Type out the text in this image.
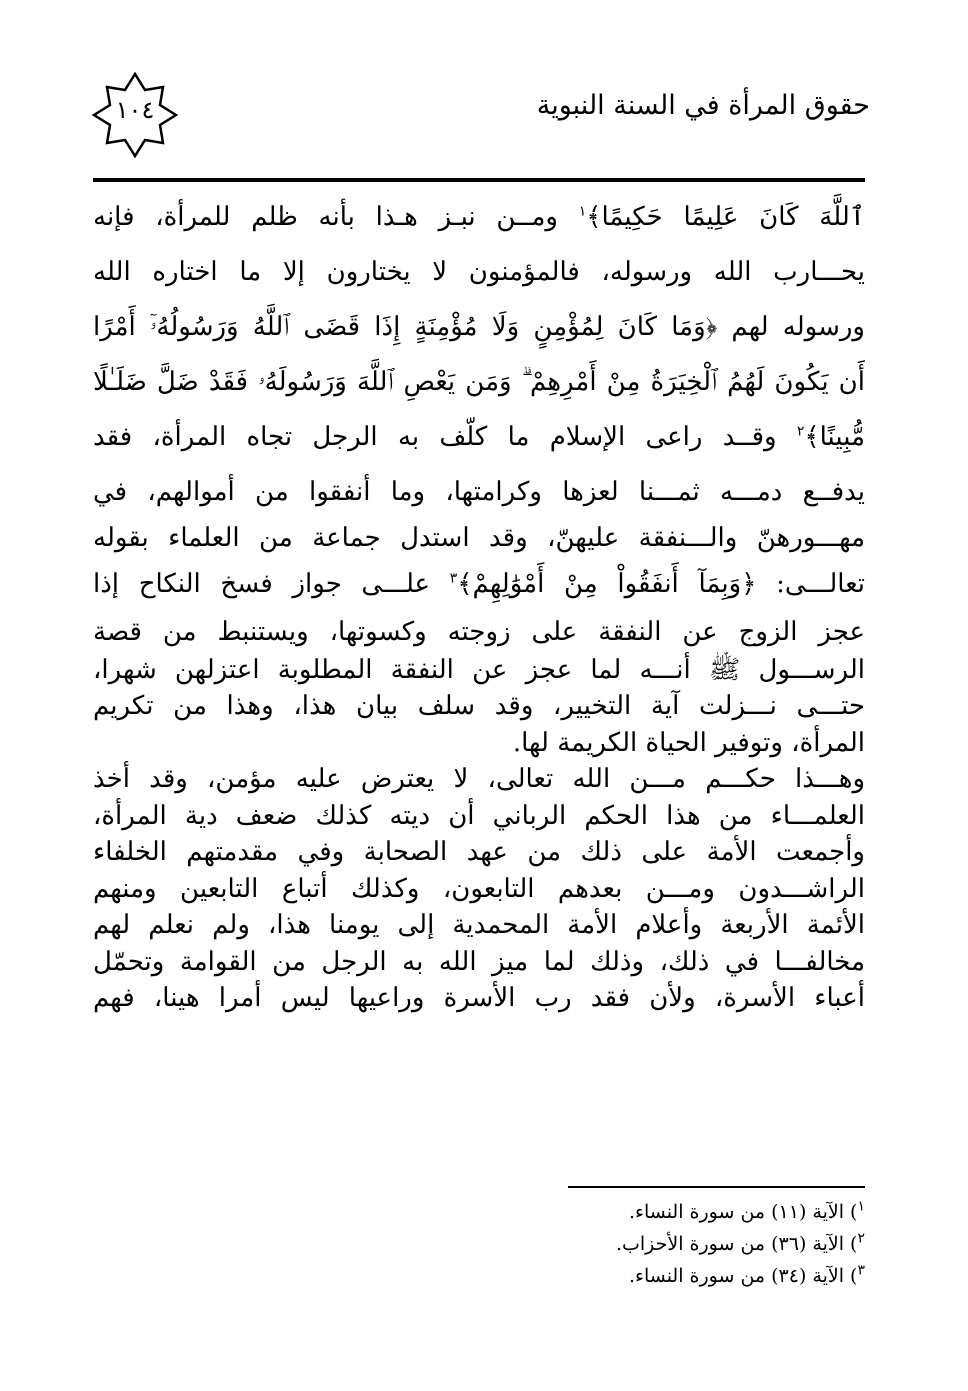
١٠٤	حقوق المرأة في السنة النبوية
ٱللَّهَ كَانَ عَلِيمًا حَكِيمًا﴾$^١$ ومــن نبـز هـذا بأنه ظلم للمرأة، فإنه
يحـــارب الله ورسوله، فالمؤمنون لا يختارون إلا ما اختاره الله
ورسوله لهم ﴿وَمَا كَانَ لِمُؤْمِنٍ وَلَا مُؤْمِنَةٍ إِذَا قَضَى ٱللَّهُ وَرَسُولُهُۥٓ أَمْرًا
أَن يَكُونَ لَهُمُ ٱلْخِيَرَةُ مِنْ أَمْرِهِمْ ۗ وَمَن يَعْصِ ٱللَّهَ وَرَسُولَهُۥ فَقَدْ ضَلَّ ضَلَـٰلًا
مُّبِينًا﴾$^٢$ وقــد راعى الإسلام ما كلّف به الرجل تجاه المرأة، فقد
يدفــع دمـــه ثمـــنا لعزها وكرامتها، وما أنفقوا من أموالهم، في
مهـــورهنّ والـــنفقة عليهنّ، وقد استدل جماعة من العلماء بقوله
تعالـــى: ﴿وَبِمَآ أَنفَقُواْ مِنْ أَمْوَٰلِهِمْ﴾$^٣$ علـــى جواز فسخ النكاح إذا
عجز الزوج عن النفقة على زوجته وكسوتها، ويستنبط من قصة
الرســـول ﷺ أنـــه لما عجز عن النفقة المطلوبة اعتزلهن شهرا،
حتـــى نـــزلت آية التخيير، وقد سلف بيان هذا، وهذا من تكريم
المرأة، وتوفير الحياة الكريمة لها.
وهـــذا حكـــم مـــن الله تعالى، لا يعترض عليه مؤمن، وقد أخذ
العلمـــاء من هذا الحكم الرباني أن ديته كذلك ضعف دية المرأة،
وأجمعت الأمة على ذلك من عهد الصحابة وفي مقدمتهم الخلفاء
الراشـــدون ومـــن بعدهم التابعون، وكذلك أتباع التابعين ومنهم
الأئمة الأربعة وأعلام الأمة المحمدية إلى يومنا هذا، ولم نعلم لهم
مخالفـــا في ذلك، وذلك لما ميز الله به الرجل من القوامة وتحمّل
أعباء الأسرة، ولأن فقد رب الأسرة وراعيها ليس أمرا هينا، فهم
$^١$) الآية (١١) من سورة النساء.
$^٢$) الآية (٣٦) من سورة الأحزاب.
$^٣$) الآية (٣٤) من سورة النساء.
